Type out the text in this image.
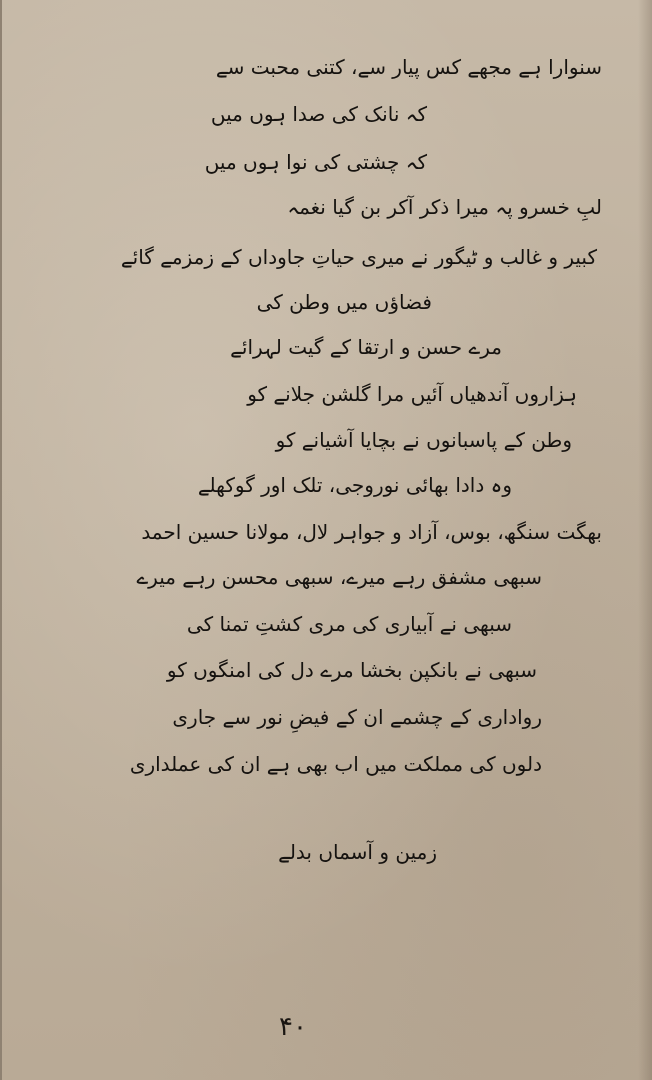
سنوارا ہے مجھے کس پیار سے، کتنی محبت سے
کہ نانک کی صدا ہوں میں
کہ چشتی کی نوا ہوں میں
لبِ خسرو پہ میرا ذکر آکر بن گیا نغمہ
کبیر و غالب و ٹیگور نے میری حیاتِ جاوداں کے زمزمے گائے
فضاؤں میں وطن کی
مرے حسن و ارتقا کے گیت لہرائے
ہزاروں آندھیاں آئیں مرا گلشن جلانے کو
وطن کے پاسبانوں نے بچایا آشیانے کو
وہ دادا بھائی نوروجی، تلک اور گوکھلے
بھگت سنگھ، بوس، آزاد و جواہر لال، مولانا حسین احمد
سبھی مشفق رہے میرے، سبھی محسن رہے میرے
سبھی نے آبیاری کی مری کشتِ تمنا کی
سبھی نے بانکپن بخشا مرے دل کی امنگوں کو
رواداری کے چشمے ان کے فیضِ نور سے جاری
دلوں کی مملکت میں اب بھی ہے ان کی عملداری
زمین و آسماں بدلے
۴۰
